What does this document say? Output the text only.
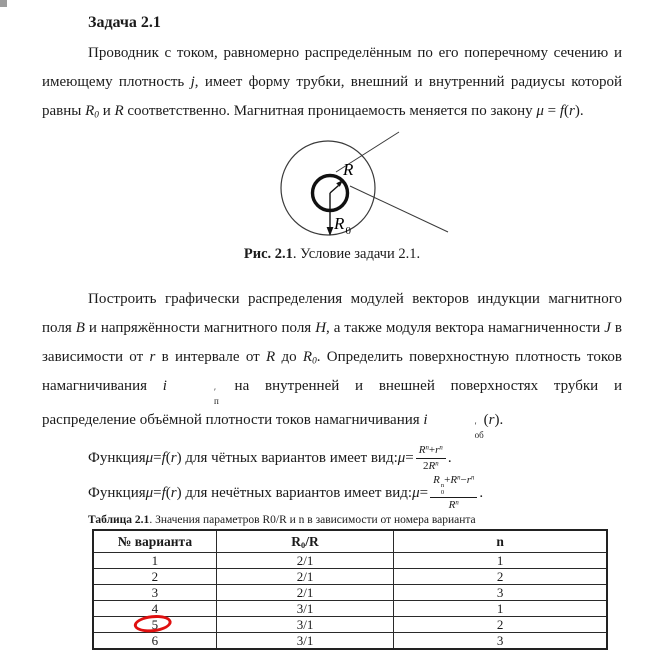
Задача 2.1

Проводник с током, равномерно распределённым по его поперечному сечению и имеющему плотность j, имеет форму трубки, внешний и внутренний радиусы которой равны $R_0$ и R соответственно. Магнитная проницаемость меняется по закону μ = f(r).

R
R 0
Рис. 2.1. Условие задачи 2.1.

Построить графически распределения модулей векторов индукции магнитного поля B и напряжённости магнитного поля H, а также модуля вектора намагниченности J в зависимости от r в интервале от R до $R_0$. Определить поверхностную плотность токов намагничивания i	′
п
на внутренней и внешней поверхностях трубки и распределение объёмной плотности токов намагничивания i	′
об
(r).

Функция μ = f ( r ) для чётных вариантов имеет вид: $\mu = \frac{R^n+r^n}{2R^n}$ .
Функция μ = f ( r ) для нечётных вариантов имеет вид: μ = R n
0
$+R^n-r^n$
$R^n$ .
Таблица 2.1. Значения параметров R0/R и n в зависимости от номера варианта
№ варианта	$R_0/R$	n
1	2/1	1
2	2/1	2
3	2/1	3
4	3/1	1
5	3/1	2
6	3/1	3
